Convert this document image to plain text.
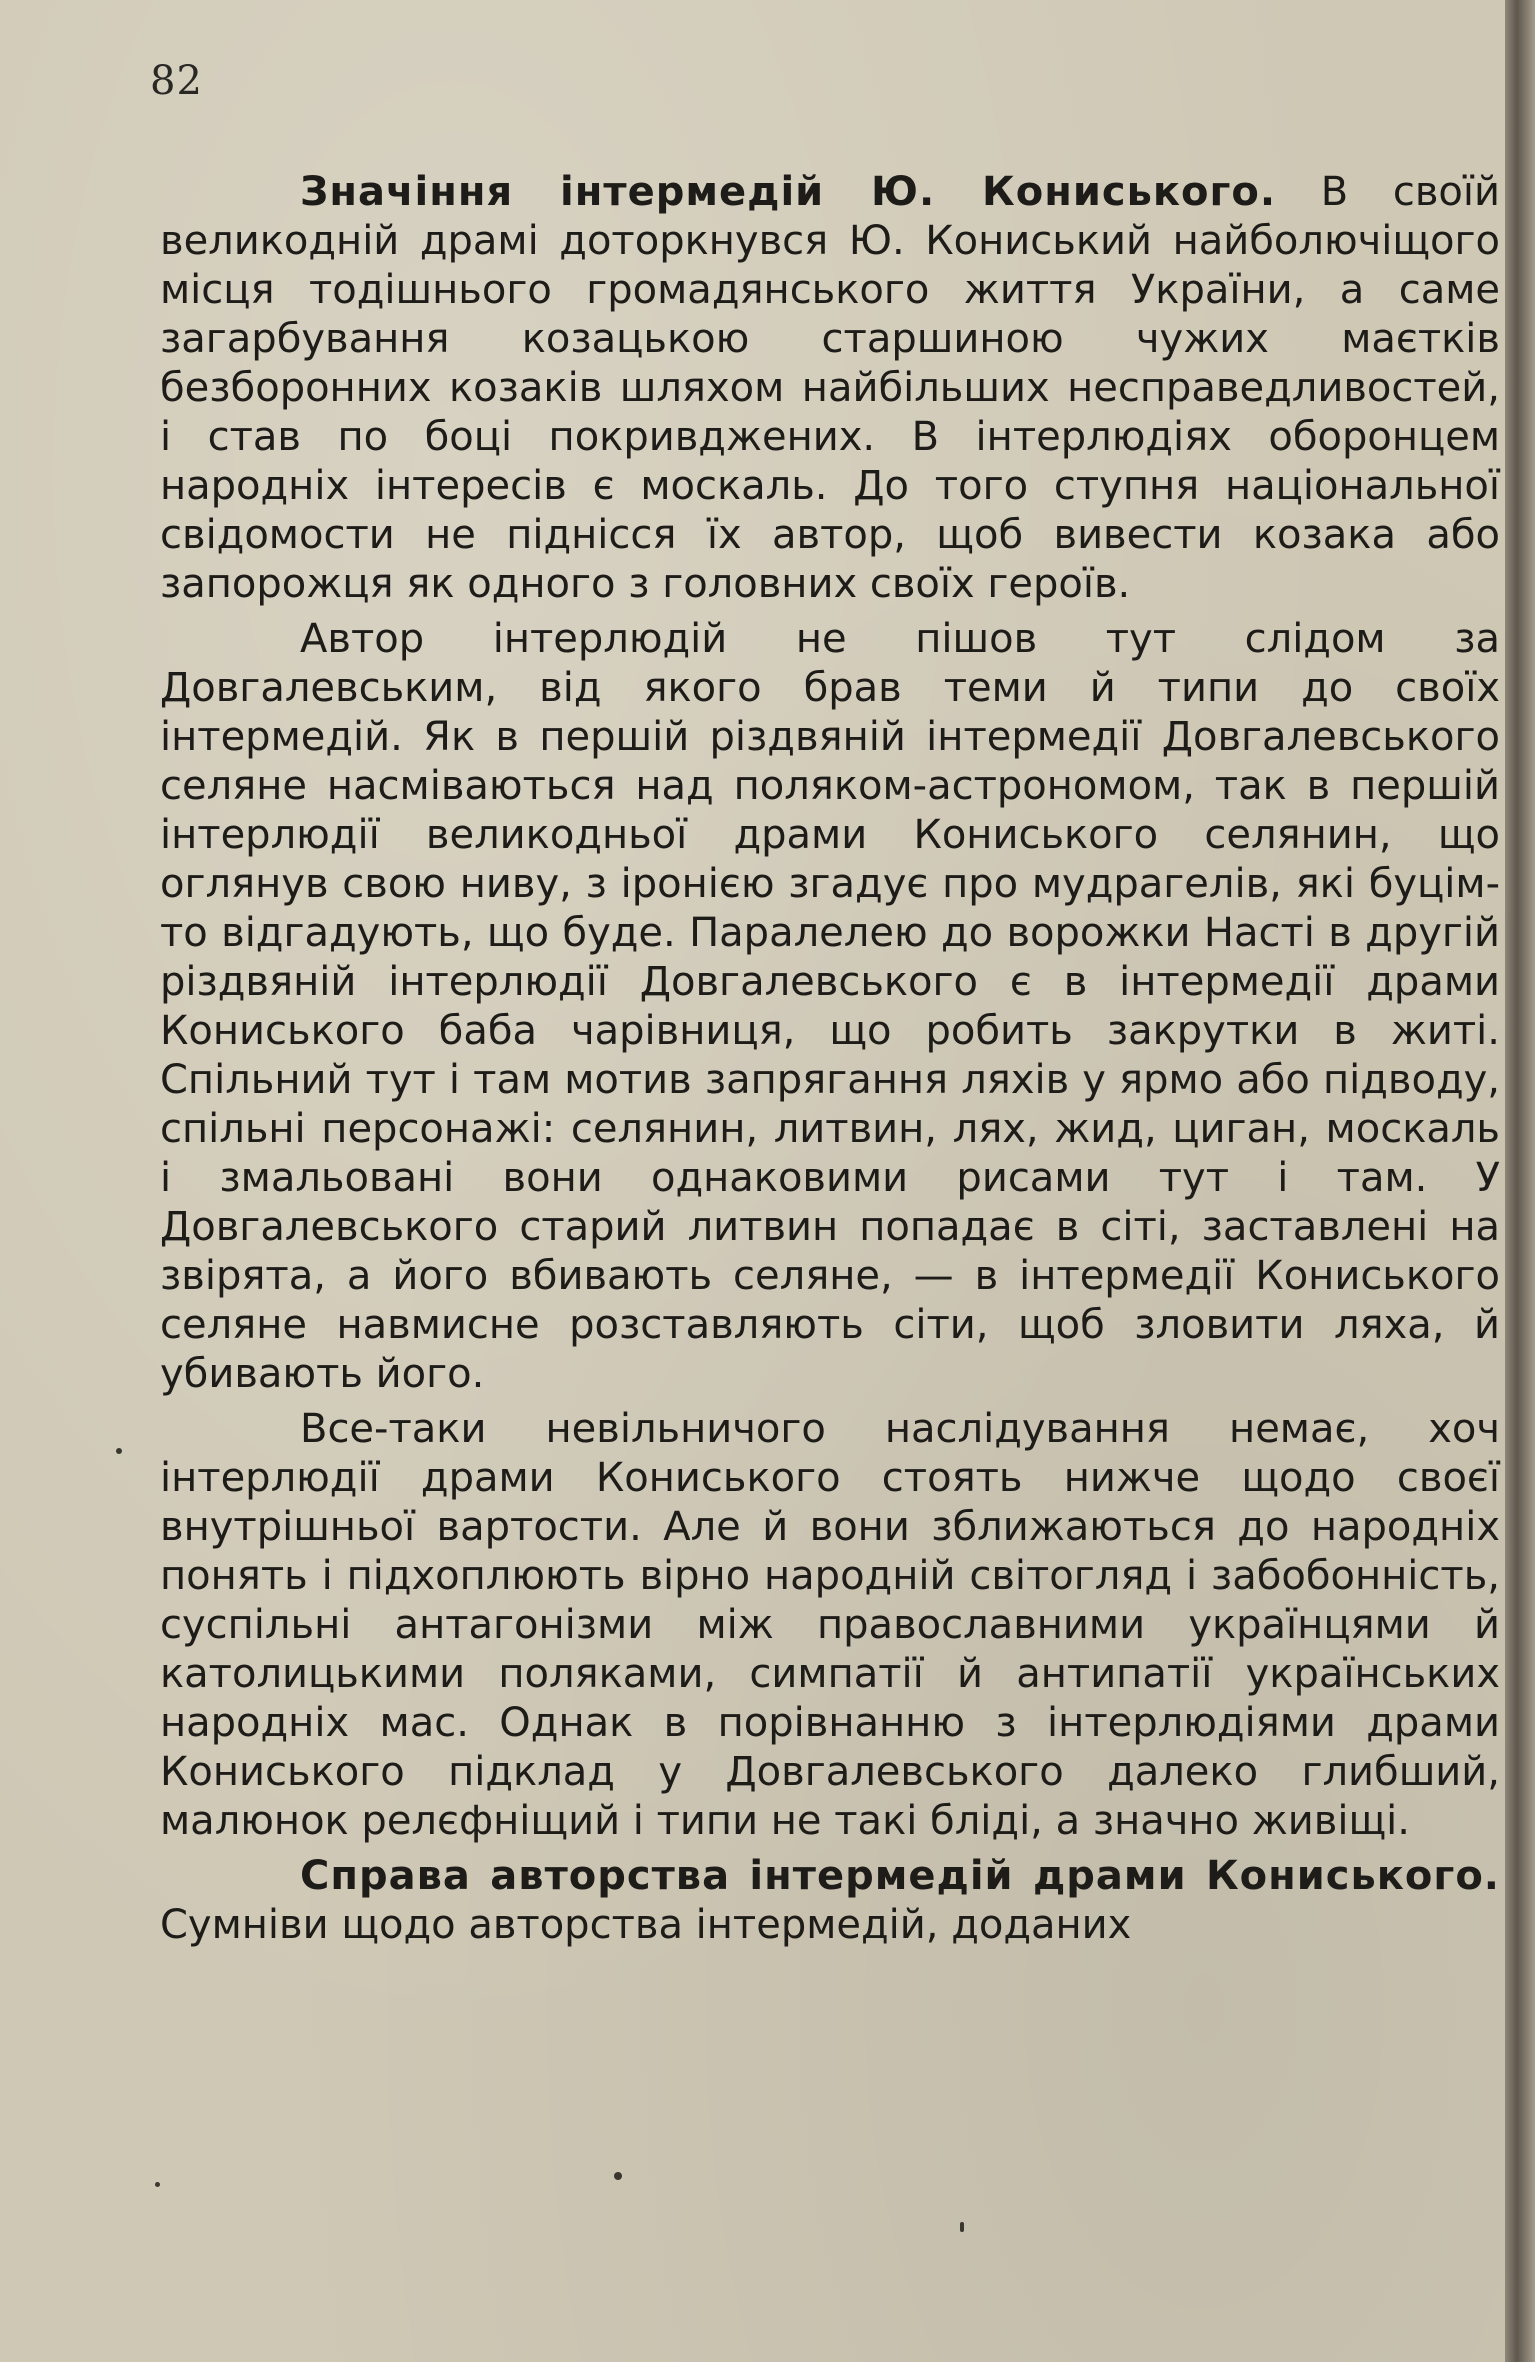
82

Значіння інтермедій Ю. Кониського. В своїй великодній драмі доторкнувся Ю. Кониський найболючіщого місця тодішнього громадянського життя України, а саме загарбування козацькою старшиною чужих маєтків безборонних козаків шляхом найбільших несправедливостей, і став по боці покривджених. В інтерлюдіях оборонцем народніх інтересів є москаль. До того ступня національної свідомости не піднісся їх автор, щоб вивести козака або запорожця як одного з головних своїх героїв.

Автор інтерлюдій не пішов тут слідом за Довгалевським, від якого брав теми й типи до своїх інтермедій. Як в першій різдвяній інтермедії Довгалевського селяне насміваються над поляком-астрономом, так в першій інтерлюдії великодньої драми Кониського селянин, що оглянув свою ниву, з іронією згадує про мудрагелів, які буцім-то відгадують, що буде. Паралелею до ворожки Насті в другій різдвяній інтерлюдії Довгалевського є в інтермедії драми Кониського баба чарівниця, що робить закрутки в житі. Спільний тут і там мотив запрягання ляхів у ярмо або підводу, спільні персонажі: селянин, литвин, лях, жид, циган, москаль і змальовані вони однаковими рисами тут і там. У Довгалевського старий литвин попадає в сіті, заставлені на звірята, а його вбивають селяне, — в інтермедії Кониського селяне навмисне розставляють сіти, щоб зловити ляха, й убивають його.

Все-таки невільничого наслідування немає, хоч інтерлюдії драми Кониського стоять нижче щодо своєї внутрішньої вартости. Але й вони зближаються до народніх понять і підхоплюють вірно народній світогляд і забобонність, суспільні антагонізми між православними українцями й католицькими поляками, симпатії й антипатії українських народніх мас. Однак в порівнанню з інтерлюдіями драми Кониського підклад у Довгалевського далеко глибший, малюнок релєфніщий і типи не такі бліді, а значно живіщі.

Справа авторства інтермедій драми Кониського. Сумніви щодо авторства інтермедій, доданих
